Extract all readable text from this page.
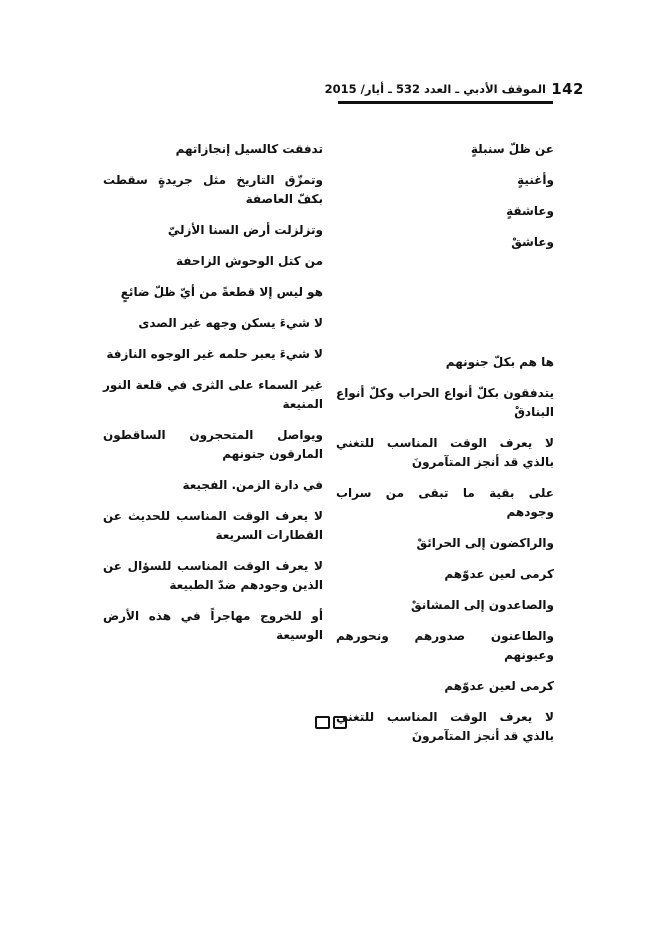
142
الموقف الأدبي ـ العدد 532 ـ أيار/ 2015
عن ظلّ سنبلةٍ
وأغنيةٍ
وعاشقةٍ
وعاشقْ
ها هم بكلّ جنونهم
يتدفقون بكلّ أنواع الحراب وكلّ أنواع البنادقْ
لا يعرف الوقت المناسب للتغني بالذي قد أنجز المتآمرونَ
على بقية ما تبقى من سراب وجودهم
والراكضون إلى الحرائقْ
كرمى لعين عدوّهم
والصاعدون إلى المشانقْ
والطاعنون صدورهم ونحورهم وعيونهم
كرمى لعين عدوّهم
لا يعرف الوقت المناسب للتغني بالذي قد أنجز المتآمرونَ
تدفقت كالسيل إنجازاتهم
وتمزّق التاريخ مثل جريدةٍ سقطت بكفّ العاصفة
وتزلزلت أرض السنا الأزليّ
من كتل الوحوش الزاحفة
هو ليس إلا قطعةً من أيّ ظلّ ضائعٍ
لا شيءَ يسكن وجهه غير الصدى
لا شيءَ يعبر حلمه غير الوجوه النازفة
غير السماء على الثرى في قلعة النور المنيعة
ويواصل المتحجرون الساقطون المارقون جنونهم
في دارة الزمن. الفجيعة
لا يعرف الوقت المناسب للحديث عن القطارات السريعة
لا يعرف الوقت المناسب للسؤال عن الذين وجودهم ضدّ الطبيعة
أو للخروج مهاجراً في هذه الأرض الوسيعة
